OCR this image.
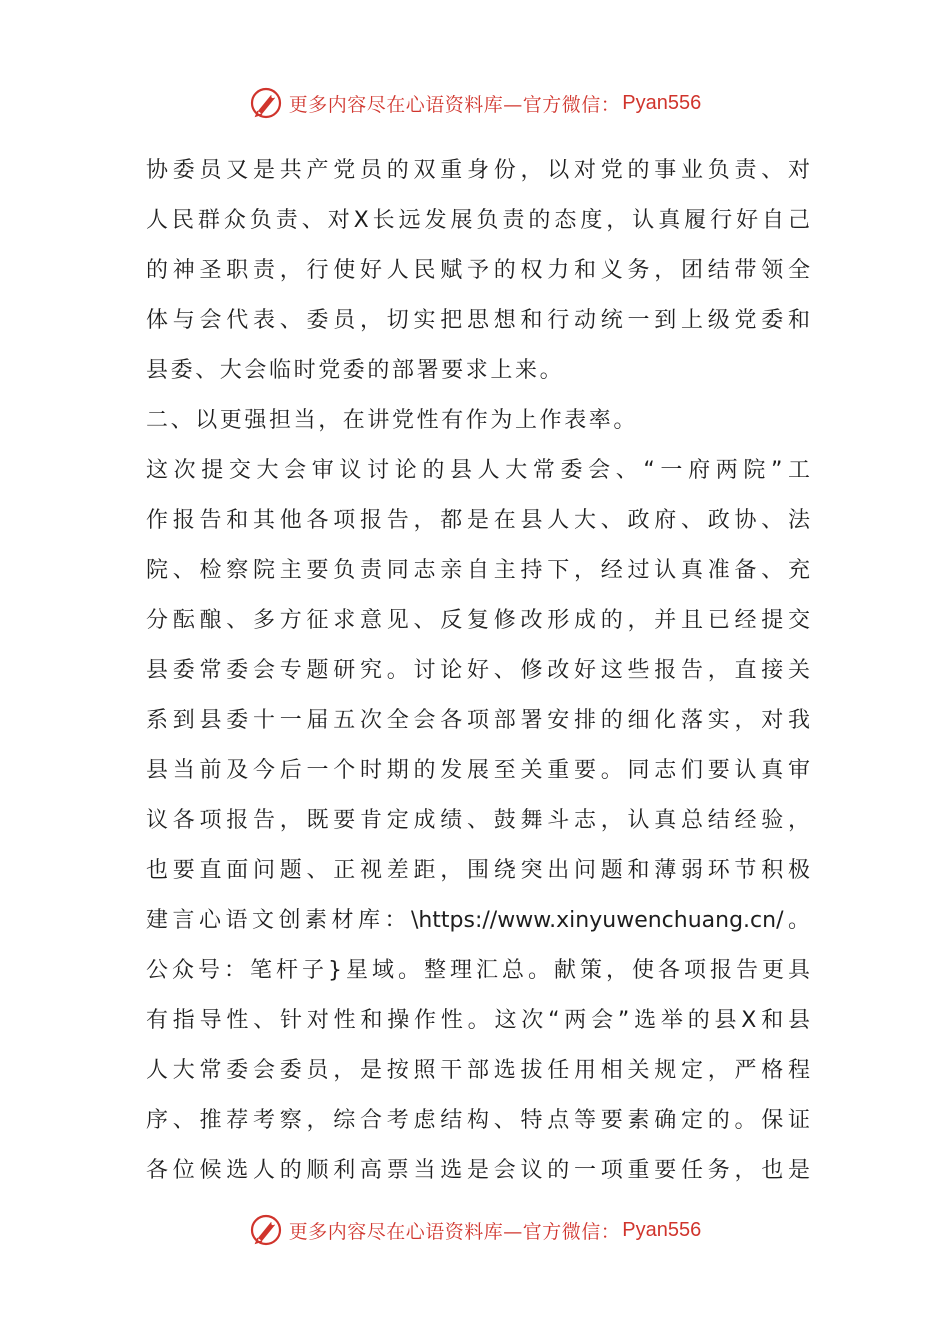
更多内容尽在心语资料库—官方微信： Pyan556
协委员又是共产党员的双重身份，以对党的事业负责、对
人民群众负责、对X长远发展负责的态度，认真履行好自己
的神圣职责，行使好人民赋予的权力和义务，团结带领全
体与会代表、委员，切实把思想和行动统一到上级党委和
县委、大会临时党委的部署要求上来。
二、以更强担当，在讲党性有作为上作表率。
这次提交大会审议讨论的县人大常委会、“一府两院”工
作报告和其他各项报告，都是在县人大、政府、政协、法
院、检察院主要负责同志亲自主持下，经过认真准备、充
分酝酿、多方征求意见、反复修改形成的，并且已经提交
县委常委会专题研究。讨论好、修改好这些报告，直接关
系到县委十一届五次全会各项部署安排的细化落实，对我
县当前及今后一个时期的发展至关重要。同志们要认真审
议各项报告，既要肯定成绩、鼓舞斗志，认真总结经验，
也要直面问题、正视差距，围绕突出问题和薄弱环节积极
建言心语文创素材库：\https://www.xinyuwenchuang.cn/。
公众号：笔杆子}星域。整理汇总。献策，使各项报告更具
有指导性、针对性和操作性。这次“两会”选举的县X和县
人大常委会委员，是按照干部选拔任用相关规定，严格程
序、推荐考察，综合考虑结构、特点等要素确定的。保证
各位候选人的顺利高票当选是会议的一项重要任务，也是
更多内容尽在心语资料库—官方微信： Pyan556
